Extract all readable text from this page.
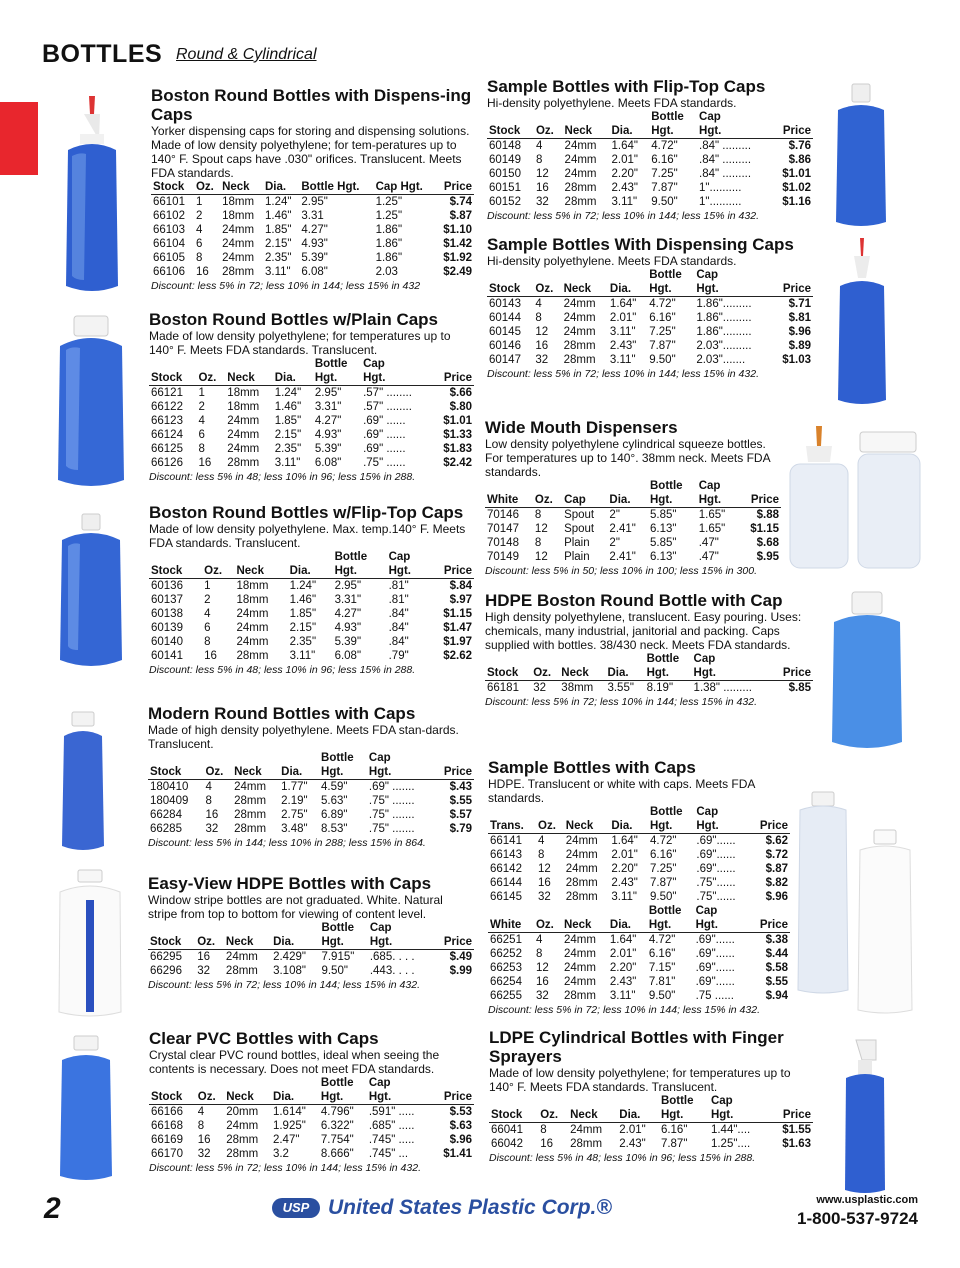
BOTTLES Round & Cylindrical
Boston Round Bottles with Dispens-ing Caps

Yorker dispensing caps for storing and dispensing solutions. Made of low density polyethylene; for tem-peratures up to 140° F. Spout caps have .030" orifices. Translucent. Meets FDA standards.

Stock	Oz.	Neck	Dia.	Bottle Hgt.	Cap Hgt.	Price
66101	1	18mm	1.24"	2.95"	1.25"	$.74
66102	2	18mm	1.46"	3.31	1.25"	$.87
66103	4	24mm	1.85"	4.27"	1.86"	$1.10
66104	6	24mm	2.15"	4.93"	1.86"	$1.42
66105	8	24mm	2.35"	5.39"	1.86"	$1.92
66106	16	28mm	3.11"	6.08"	2.03	$2.49
Discount: less 5% in 72; less 10% in 144; less 15% in 432
Boston Round Bottles w/Plain Caps

Made of low density polyethylene; for temperatures up to 140° F. Meets FDA standards. Translucent.

				Bottle	Cap	
Stock	Oz.	Neck	Dia.	Hgt.	Hgt.	Price
66121	1	18mm	1.24"	2.95"	.57" ........	$.66
66122	2	18mm	1.46"	3.31"	.57" ........	$.80
66123	4	24mm	1.85"	4.27"	.69" ......	$1.01
66124	6	24mm	2.15"	4.93"	.69" ......	$1.33
66125	8	24mm	2.35"	5.39"	.69" ......	$1.83
66126	16	28mm	3.11"	6.08"	.75" ......	$2.42
Discount: less 5% in 48; less 10% in 96; less 15% in 288.
Boston Round Bottles w/Flip-Top Caps

Made of low density polyethylene. Max. temp.140° F. Meets FDA standards. Translucent.

				Bottle	Cap	
Stock	Oz.	Neck	Dia.	Hgt.	Hgt.	Price
60136	1	18mm	1.24"	2.95"	.81"	$.84
60137	2	18mm	1.46"	3.31"	.81"	$.97
60138	4	24mm	1.85"	4.27"	.84"	$1.15
60139	6	24mm	2.15"	4.93"	.84"	$1.47
60140	8	24mm	2.35"	5.39"	.84"	$1.97
60141	16	28mm	3.11"	6.08"	.79"	$2.62
Discount: less 5% in 48; less 10% in 96; less 15% in 288.
Modern Round Bottles with Caps

Made of high density polyethylene. Meets FDA stan-dards. Translucent.

				Bottle	Cap	
Stock	Oz.	Neck	Dia.	Hgt.	Hgt.	Price
180410	4	24mm	1.77"	4.59"	.69" .......	$.43
180409	8	28mm	2.19"	5.63"	.75" .......	$.55
66284	16	28mm	2.75"	6.89"	.75" .......	$.57
66285	32	28mm	3.48"	8.53"	.75" .......	$.79
Discount: less 5% in 144; less 10% in 288; less 15% in 864.
Easy-View HDPE Bottles with Caps

Window stripe bottles are not graduated. White. Natural stripe from top to bottom for viewing of content level.

				Bottle	Cap	
Stock	Oz.	Neck	Dia.	Hgt.	Hgt.	Price
66295	16	24mm	2.429"	7.915"	.685. . . .	$.49
66296	32	28mm	3.108"	9.50"	.443. . . .	$.99
Discount: less 5% in 72; less 10% in 144; less 15% in 432.
Clear PVC Bottles with Caps

Crystal clear PVC round bottles, ideal when seeing the contents is necessary. Does not meet FDA standards.

				Bottle	Cap	
Stock	Oz.	Neck	Dia.	Hgt.	Hgt.	Price
66166	4	20mm	1.614"	4.796"	.591" .....	$.53
66168	8	24mm	1.925"	6.322"	.685" .....	$.63
66169	16	28mm	2.47"	7.754"	.745" .....	$.96
66170	32	28mm	3.2	8.666"	.745" ...	$1.41
Discount: less 5% in 72; less 10% in 144; less 15% in 432.
Sample Bottles with Flip-Top Caps

Hi-density polyethylene. Meets FDA standards.

				Bottle	Cap	
Stock	Oz.	Neck	Dia.	Hgt.	Hgt.	Price
60148	4	24mm	1.64"	4.72"	.84" .........	$.76
60149	8	24mm	2.01"	6.16"	.84" .........	$.86
60150	12	24mm	2.20"	7.25"	.84" .........	$1.01
60151	16	28mm	2.43"	7.87"	1"..........	$1.02
60152	32	28mm	3.11"	9.50"	1"..........	$1.16
Discount: less 5% in 72; less 10% in 144; less 15% in 432.
Sample Bottles With Dispensing Caps

Hi-density polyethylene. Meets FDA standards.

				Bottle	Cap	
Stock	Oz.	Neck	Dia.	Hgt.	Hgt.	Price
60143	4	24mm	1.64"	4.72"	1.86".........	$.71
60144	8	24mm	2.01"	6.16"	1.86".........	$.81
60145	12	24mm	3.11"	7.25"	1.86".........	$.96
60146	16	28mm	2.43"	7.87"	2.03".........	$.89
60147	32	28mm	3.11"	9.50"	2.03".......	$1.03
Discount: less 5% in 72; less 10% in 144; less 15% in 432.
Wide Mouth Dispensers

Low density polyethylene cylindrical squeeze bottles. For temperatures up to 140°. 38mm neck. Meets FDA standards.

				Bottle	Cap	
White	Oz.	Cap	Dia.	Hgt.	Hgt.	Price
70146	8	Spout	2"	5.85"	1.65"	$.88
70147	12	Spout	2.41"	6.13"	1.65"	$1.15
70148	8	Plain	2"	5.85"	.47"	$.68
70149	12	Plain	2.41"	6.13"	.47"	$.95
Discount: less 5% in 50; less 10% in 100; less 15% in 300.
HDPE Boston Round Bottle with Cap

High density polyethylene, translucent. Easy pouring. Uses: chemicals, many industrial, janitorial and packing. Caps supplied with bottles. 38/430 neck. Meets FDA standards.

				Bottle	Cap	
Stock	Oz.	Neck	Dia.	Hgt.	Hgt.	Price
66181	32	38mm	3.55"	8.19"	1.38" .........	$.85
Discount: less 5% in 72; less 10% in 144; less 15% in 432.
Sample Bottles with Caps

HDPE. Translucent or white with caps. Meets FDA standards.

				Bottle	Cap	
Trans.	Oz.	Neck	Dia.	Hgt.	Hgt.	Price
66141	4	24mm	1.64"	4.72"	.69"......	$.62
66143	8	24mm	2.01"	6.16"	.69"......	$.72
66142	12	24mm	2.20"	7.25"	.69"......	$.87
66144	16	28mm	2.43"	7.87"	.75"......	$.82
66145	32	28mm	3.11"	9.50"	.75"......	$.96
				Bottle	Cap	
White	Oz.	Neck	Dia.	Hgt.	Hgt.	Price
66251	4	24mm	1.64"	4.72"	.69"......	$.38
66252	8	24mm	2.01"	6.16"	.69"......	$.44
66253	12	24mm	2.20"	7.15"	.69"......	$.58
66254	16	24mm	2.43"	7.81"	.69"......	$.55
66255	32	28mm	3.11"	9.50"	.75 ......	$.94
Discount: less 5% in 72; less 10% in 144; less 15% in 432.
LDPE Cylindrical Bottles with Finger Sprayers

Made of low density polyethylene; for temperatures up to 140° F. Meets FDA standards. Translucent.

				Bottle	Cap	
Stock	Oz.	Neck	Dia.	Hgt.	Hgt.	Price
66041	8	24mm	2.01"	6.16"	1.44"....	$1.55
66042	16	28mm	2.43"	7.87"	1.25"....	$1.63
Discount: less 5% in 48; less 10% in 96; less 15% in 288.
2	USP United States Plastic Corp.®	www.usplastic.com
1-800-537-9724
